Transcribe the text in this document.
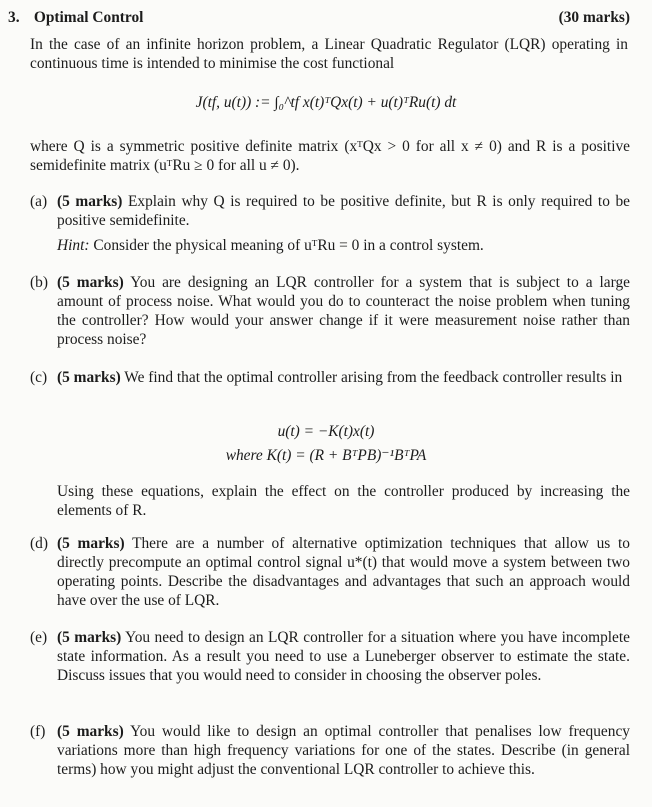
3. Optimal Control	(30 marks)
In the case of an infinite horizon problem, a Linear Quadratic Regulator (LQR) operating in continuous time is intended to minimise the cost functional
J(tf, u(t)) := ∫₀^tf x(t)ᵀQx(t) + u(t)ᵀRu(t) dt
where Q is a symmetric positive definite matrix (xᵀQx > 0 for all x ≠ 0) and R is a positive semidefinite matrix (uᵀRu ≥ 0 for all u ≠ 0).
(a) (5 marks) Explain why Q is required to be positive definite, but R is only required to be positive semidefinite.
Hint: Consider the physical meaning of uᵀRu = 0 in a control system.
(b) (5 marks) You are designing an LQR controller for a system that is subject to a large amount of process noise. What would you do to counteract the noise problem when tuning the controller? How would your answer change if it were measurement noise rather than process noise?
(c) (5 marks) We find that the optimal controller arising from the feedback controller results in
u(t) = −K(t)x(t)
where K(t) = (R + BᵀPB)⁻¹BᵀPA
Using these equations, explain the effect on the controller produced by increasing the elements of R.
(d) (5 marks) There are a number of alternative optimization techniques that allow us to directly precompute an optimal control signal u*(t) that would move a system between two operating points. Describe the disadvantages and advantages that such an approach would have over the use of LQR.
(e) (5 marks) You need to design an LQR controller for a situation where you have incomplete state information. As a result you need to use a Luneberger observer to estimate the state. Discuss issues that you would need to consider in choosing the observer poles.
(f) (5 marks) You would like to design an optimal controller that penalises low frequency variations more than high frequency variations for one of the states. Describe (in general terms) how you might adjust the conventional LQR controller to achieve this.
